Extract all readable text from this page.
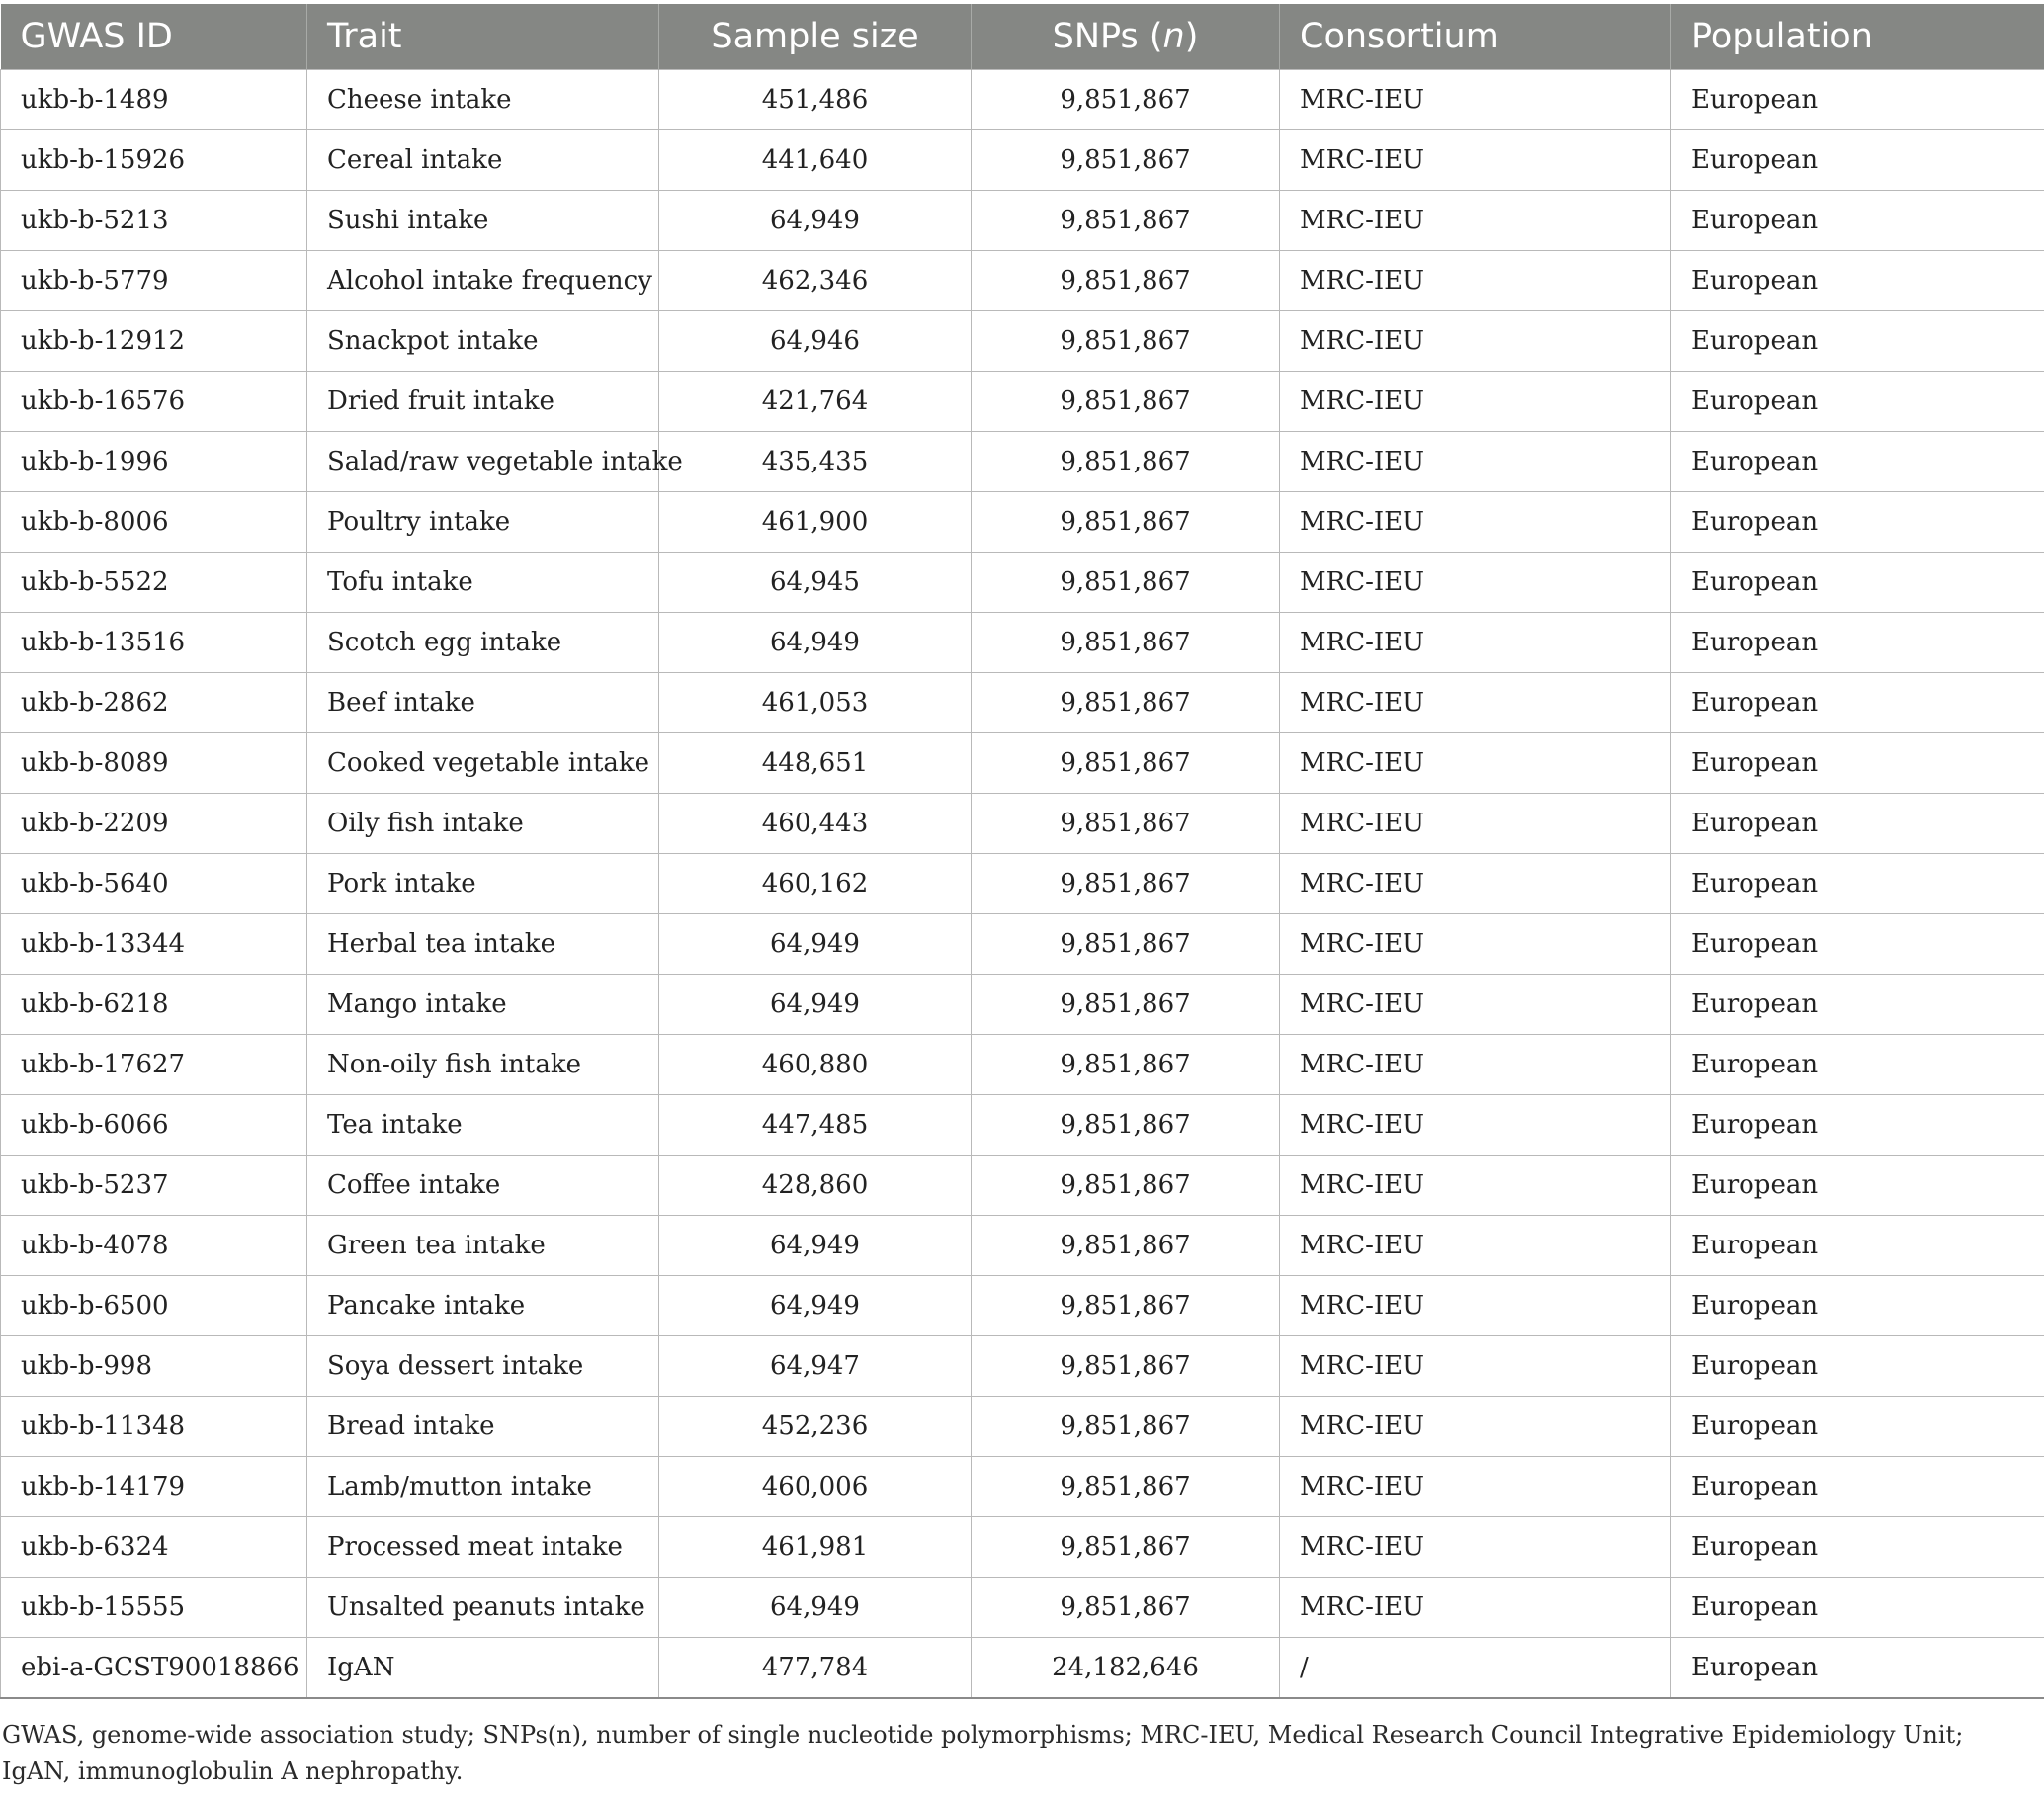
GWAS ID	Trait	Sample size	SNPs (n)	Consortium	Population
ukb-b-1489	Cheese intake	451,486	9,851,867	MRC-IEU	European
ukb-b-15926	Cereal intake	441,640	9,851,867	MRC-IEU	European
ukb-b-5213	Sushi intake	64,949	9,851,867	MRC-IEU	European
ukb-b-5779	Alcohol intake frequency	462,346	9,851,867	MRC-IEU	European
ukb-b-12912	Snackpot intake	64,946	9,851,867	MRC-IEU	European
ukb-b-16576	Dried fruit intake	421,764	9,851,867	MRC-IEU	European
ukb-b-1996	Salad/raw vegetable intake	435,435	9,851,867	MRC-IEU	European
ukb-b-8006	Poultry intake	461,900	9,851,867	MRC-IEU	European
ukb-b-5522	Tofu intake	64,945	9,851,867	MRC-IEU	European
ukb-b-13516	Scotch egg intake	64,949	9,851,867	MRC-IEU	European
ukb-b-2862	Beef intake	461,053	9,851,867	MRC-IEU	European
ukb-b-8089	Cooked vegetable intake	448,651	9,851,867	MRC-IEU	European
ukb-b-2209	Oily fish intake	460,443	9,851,867	MRC-IEU	European
ukb-b-5640	Pork intake	460,162	9,851,867	MRC-IEU	European
ukb-b-13344	Herbal tea intake	64,949	9,851,867	MRC-IEU	European
ukb-b-6218	Mango intake	64,949	9,851,867	MRC-IEU	European
ukb-b-17627	Non-oily fish intake	460,880	9,851,867	MRC-IEU	European
ukb-b-6066	Tea intake	447,485	9,851,867	MRC-IEU	European
ukb-b-5237	Coffee intake	428,860	9,851,867	MRC-IEU	European
ukb-b-4078	Green tea intake	64,949	9,851,867	MRC-IEU	European
ukb-b-6500	Pancake intake	64,949	9,851,867	MRC-IEU	European
ukb-b-998	Soya dessert intake	64,947	9,851,867	MRC-IEU	European
ukb-b-11348	Bread intake	452,236	9,851,867	MRC-IEU	European
ukb-b-14179	Lamb/mutton intake	460,006	9,851,867	MRC-IEU	European
ukb-b-6324	Processed meat intake	461,981	9,851,867	MRC-IEU	European
ukb-b-15555	Unsalted peanuts intake	64,949	9,851,867	MRC-IEU	European
ebi-a-GCST90018866	IgAN	477,784	24,182,646	/	European
GWAS, genome-wide association study; SNPs(n), number of single nucleotide polymorphisms; MRC-IEU, Medical Research Council Integrative Epidemiology Unit; IgAN, immunoglobulin A nephropathy.
